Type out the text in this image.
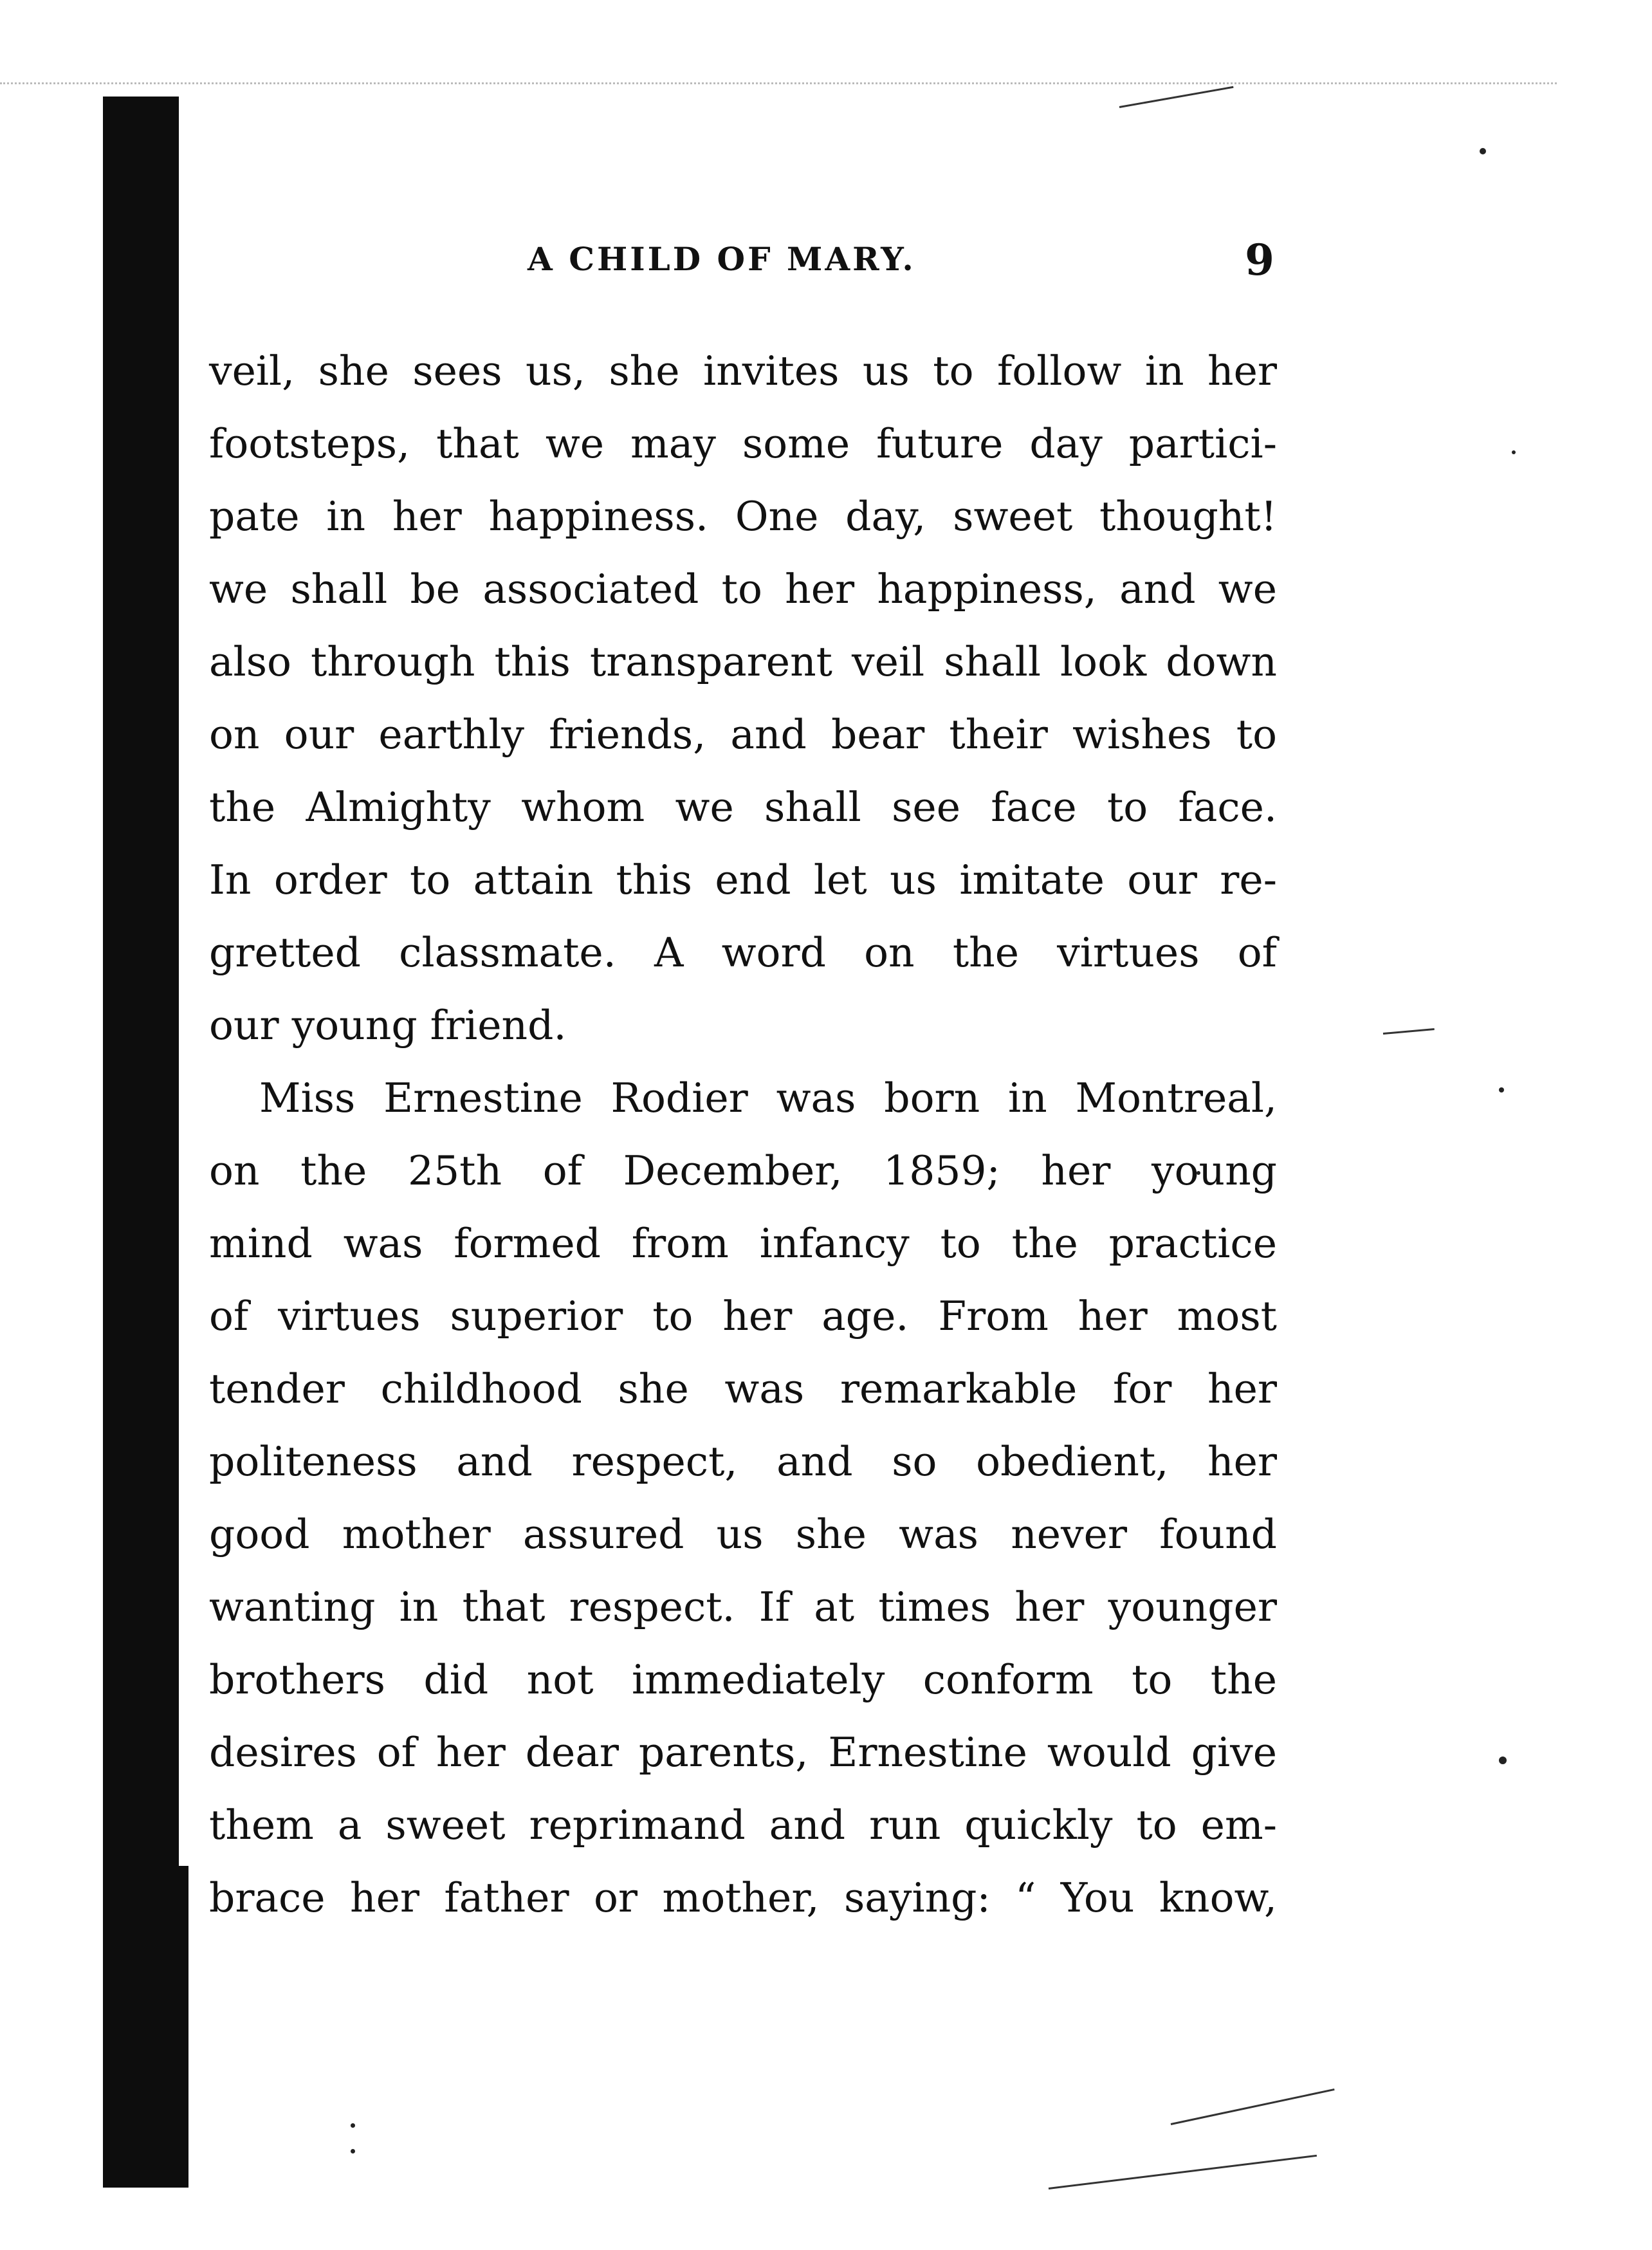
A CHILD OF MARY.	9
veil, she sees us, she invites us to follow in her
footsteps, that we may some future day partici-
pate in her happiness. One day, sweet thought!
we shall be associated to her happiness, and we
also through this transparent veil shall look down
on our earthly friends, and bear their wishes to
the Almighty whom we shall see face to face.
In order to attain this end let us imitate our re-
gretted classmate. A word on the virtues of
our young friend.
Miss Ernestine Rodier was born in Montreal,
on the 25th of December, 1859; her young
mind was formed from infancy to the practice
of virtues superior to her age. From her most
tender childhood she was remarkable for her
politeness and respect, and so obedient, her
good mother assured us she was never found
wanting in that respect. If at times her younger
brothers did not immediately conform to the
desires of her dear parents, Ernestine would give
them a sweet reprimand and run quickly to em-
brace her father or mother, saying: “ You know,
